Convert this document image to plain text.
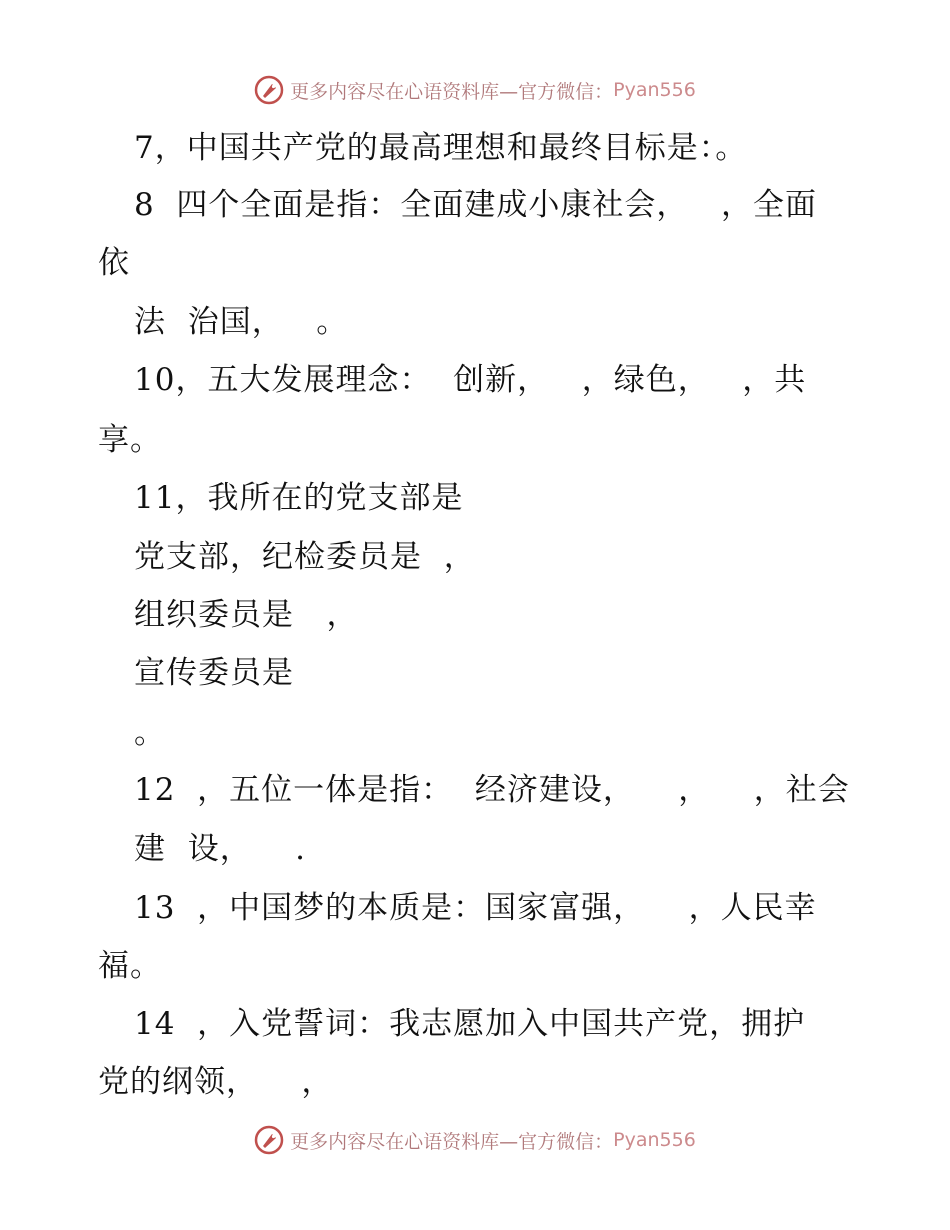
更多内容尽在心语资料库—官方微信： Pyan556
7，中国共产党的最高理想和最终目标是：。
8  四个全面是指：全面建成小康社会，   ，全面
依
法  治国，   。
10，五大发展理念：  创新，   ，绿色，   ，共
享。
11，我所在的党支部是
党支部，纪检委员是  ，
组织委员是   ，
宣传委员是
。
12  ，五位一体是指：  经济建设，    ，    ，社会
建  设，    .
13  ，中国梦的本质是：国家富强，    ，人民幸
福。
14  ，入党誓词：我志愿加入中国共产党，拥护
党的纲领，    ，
更多内容尽在心语资料库—官方微信： Pyan556
